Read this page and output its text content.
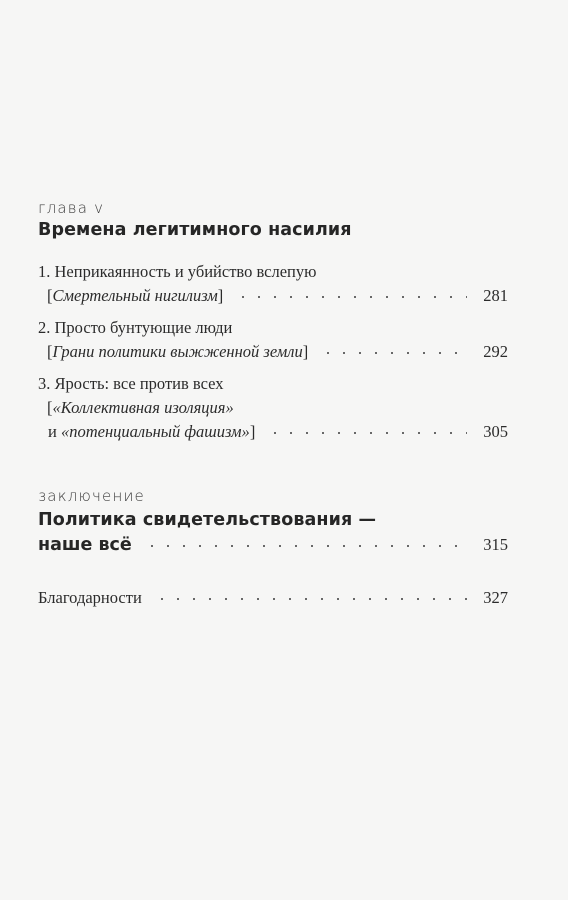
глава v
Времена легитимного насилия
1. Неприкаянность и убийство вслепую
[Смертельный нигилизм]	281
2. Просто бунтующие люди
[Грани политики выжженной земли]	292
3. Ярость: все против всех
[«Коллективная изоляция»
и «потенциальный фашизм»]	305
заключение
Политика свидетельствования —
наше всё	315
Благодарности	327
